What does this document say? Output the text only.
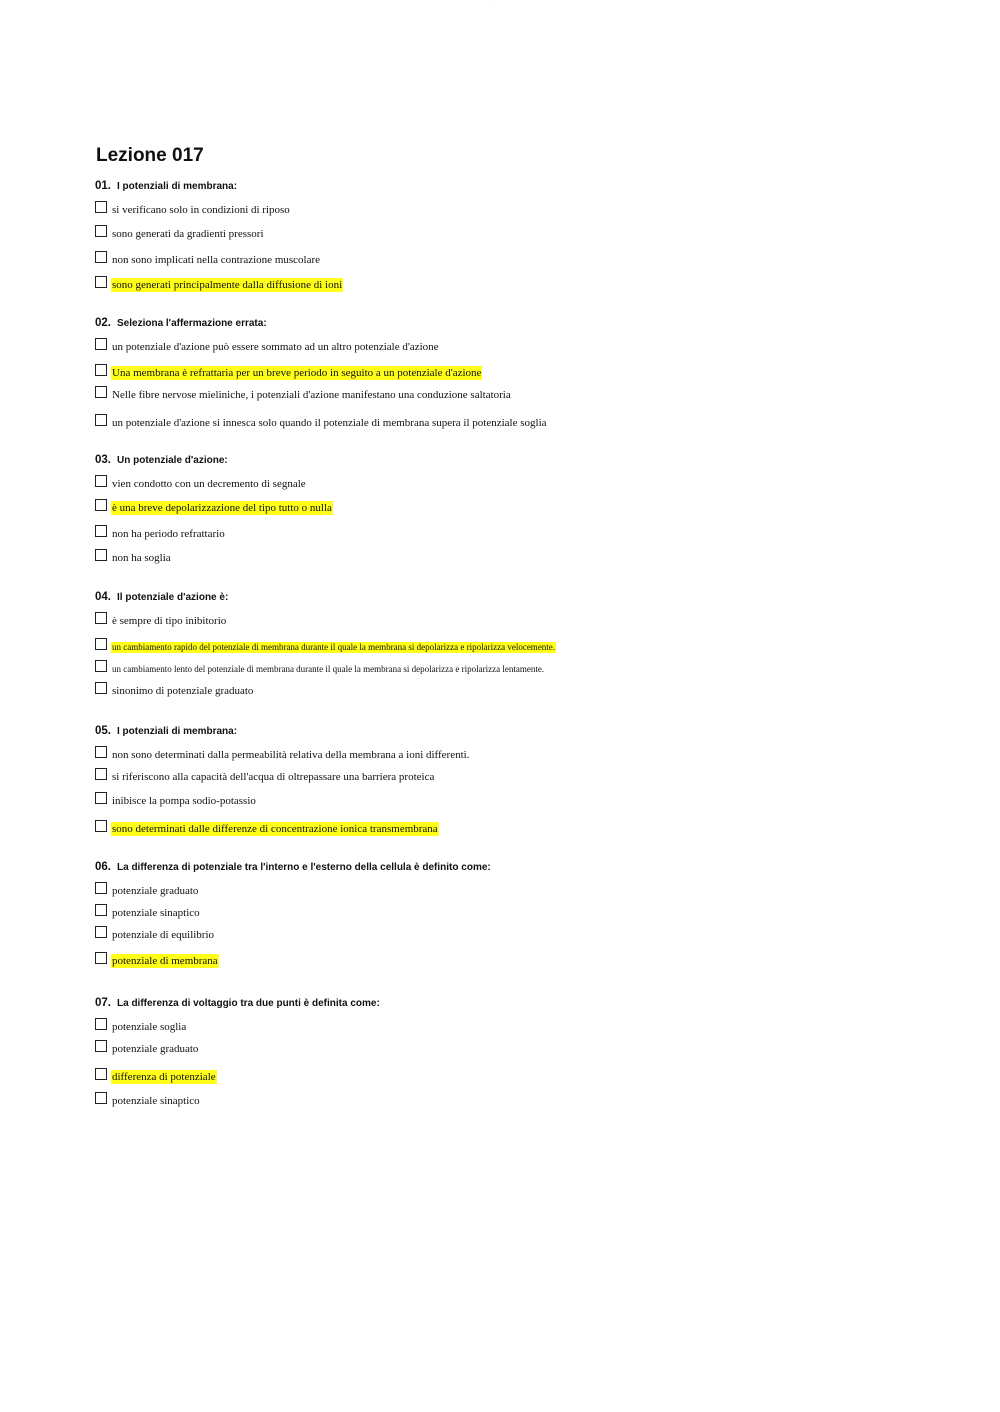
· · · · ·
Lezione 017
01. I potenziali di membrana:
si verificano solo in condizioni di riposo
sono generati da gradienti pressori
non sono implicati nella contrazione muscolare
sono generati principalmente dalla diffusione di ioni
02. Seleziona l'affermazione errata:
un potenziale d'azione può essere sommato ad un altro potenziale d'azione
Una membrana è refrattaria per un breve periodo in seguito a un potenziale d'azione
Nelle fibre nervose mieliniche, i potenziali d'azione manifestano una conduzione saltatoria
un potenziale d'azione si innesca solo quando il potenziale di membrana supera il potenziale soglia
03. Un potenziale d'azione:
vien condotto con un decremento di segnale
è una breve depolarizzazione del tipo tutto o nulla
non ha periodo refrattario
non ha soglia
04. Il potenziale d'azione è:
è sempre di tipo inibitorio
un cambiamento rapido del potenziale di membrana durante il quale la membrana si depolarizza e ripolarizza velocemente.
un cambiamento lento del potenziale di membrana durante il quale la membrana si depolarizza e ripolarizza lentamente.
sinonimo di potenziale graduato
05. I potenziali di membrana:
non sono determinati dalla permeabilità relativa della membrana a ioni differenti.
si riferiscono alla capacità dell'acqua di oltrepassare una barriera proteica
inibisce la pompa sodio-potassio
sono determinati dalle differenze di concentrazione ionica transmembrana
06. La differenza di potenziale tra l'interno e l'esterno della cellula è definito come:
potenziale graduato
potenziale sinaptico
potenziale di equilibrio
potenziale di membrana
07. La differenza di voltaggio tra due punti è definita come:
potenziale soglia
potenziale graduato
differenza di potenziale
potenziale sinaptico
